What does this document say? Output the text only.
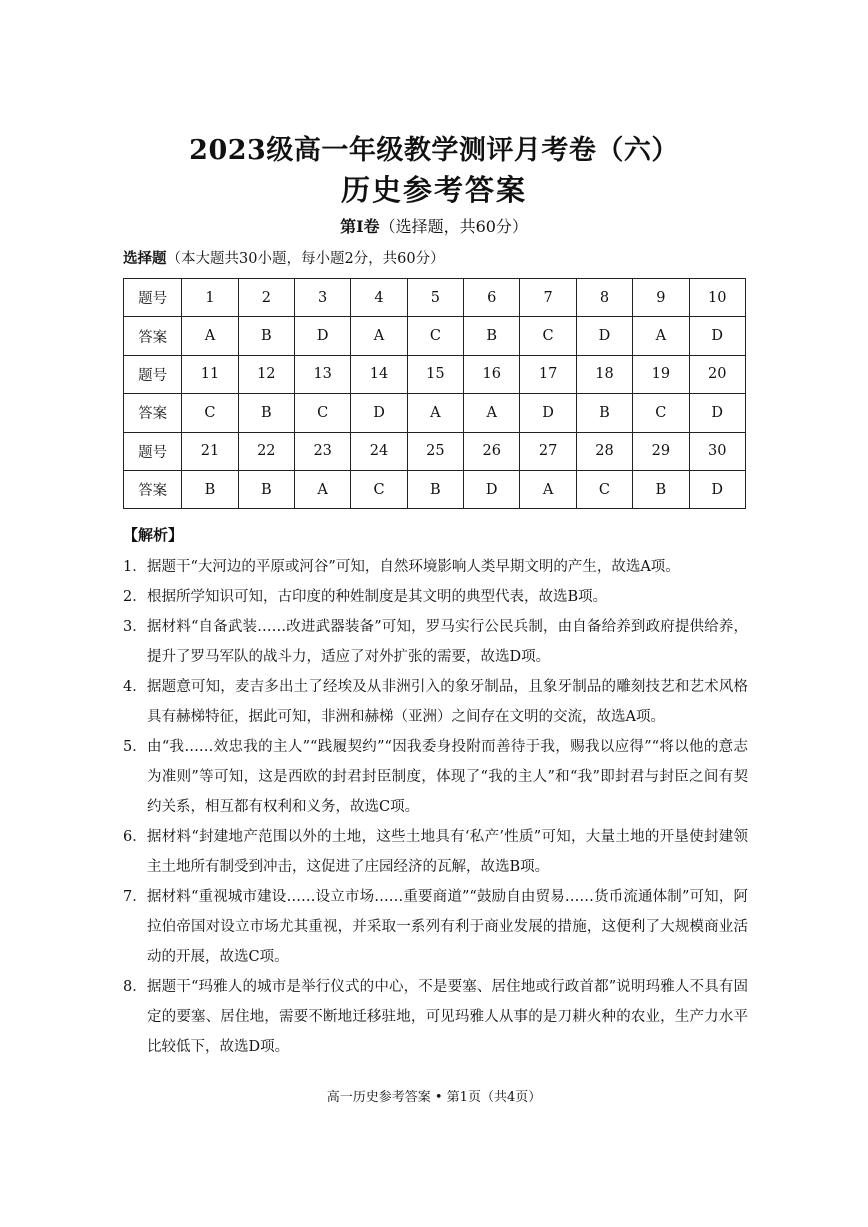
2023级高一年级教学测评月考卷（六）
历史参考答案
第Ⅰ卷（选择题，共60分）
选择题（本大题共30小题，每小题2分，共60分）
题号	1	2	3	4	5	6	7	8	9	10
答案	A	B	D	A	C	B	C	D	A	D
题号	11	12	13	14	15	16	17	18	19	20
答案	C	B	C	D	A	A	D	B	C	D
题号	21	22	23	24	25	26	27	28	29	30
答案	B	B	A	C	B	D	A	C	B	D
【解析】
1． 据题干“大河边的平原或河谷”可知，自然环境影响人类早期文明的产生，故选A项。
2． 根据所学知识可知，古印度的种姓制度是其文明的典型代表，故选B项。
3． 据材料“自备武装……改进武器装备”可知，罗马实行公民兵制，由自备给养到政府提供给养，提升了罗马军队的战斗力，适应了对外扩张的需要，故选D项。
4． 据题意可知，麦吉多出土了经埃及从非洲引入的象牙制品，且象牙制品的雕刻技艺和艺术风格具有赫梯特征，据此可知，非洲和赫梯（亚洲）之间存在文明的交流，故选A项。
5． 由“我……效忠我的主人”“践履契约”“因我委身投附而善待于我，赐我以应得”“将以他的意志为准则”等可知，这是西欧的封君封臣制度，体现了“我的主人”和“我”即封君与封臣之间有契约关系，相互都有权利和义务，故选C项。
6． 据材料“封建地产范围以外的土地，这些土地具有‘私产’性质”可知，大量土地的开垦使封建领主土地所有制受到冲击，这促进了庄园经济的瓦解，故选B项。
7． 据材料“重视城市建设……设立市场……重要商道”“鼓励自由贸易……货币流通体制”可知，阿拉伯帝国对设立市场尤其重视，并采取一系列有利于商业发展的措施，这便利了大规模商业活动的开展，故选C项。
8． 据题干“玛雅人的城市是举行仪式的中心，不是要塞、居住地或行政首都”说明玛雅人不具有固定的要塞、居住地，需要不断地迁移驻地，可见玛雅人从事的是刀耕火种的农业，生产力水平比较低下，故选D项。
高一历史参考答案 • 第1页（共4页）
